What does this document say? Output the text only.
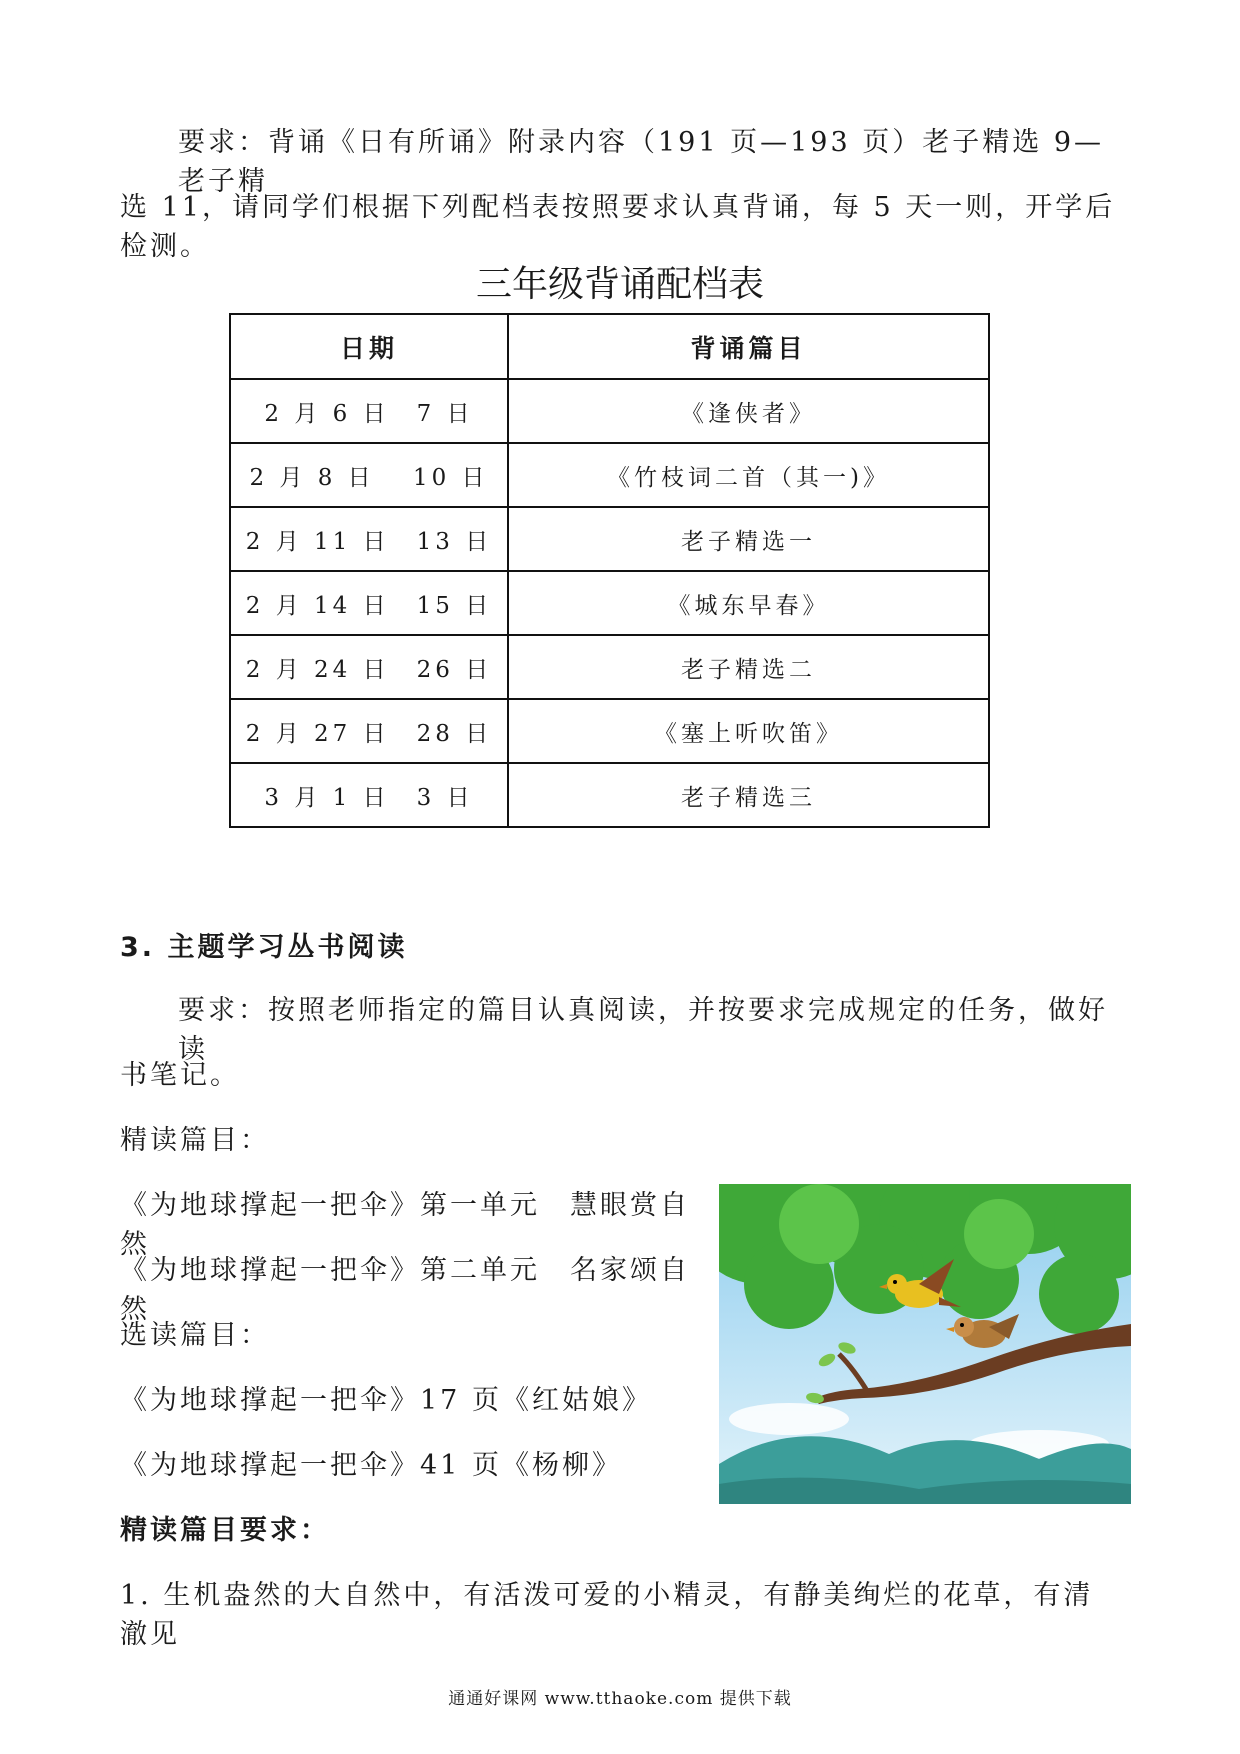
要求：背诵《日有所诵》附录内容（191 页—193 页）老子精选 9—老子精

选 11，请同学们根据下列配档表按照要求认真背诵，每 5 天一则，开学后检测。

三年级背诵配档表
日期	背诵篇目
2 月 6 日　7 日	《逢侠者》
2 月 8 日　 10 日	《竹枝词二首（其一)》
2 月 11 日　13 日	老子精选一
2 月 14 日　15 日	《城东早春》
2 月 24 日　26 日	老子精选二
2 月 27 日　28 日	《塞上听吹笛》
3 月 1 日　3 日	老子精选三

3. 主题学习丛书阅读

要求：按照老师指定的篇目认真阅读，并按要求完成规定的任务，做好读

书笔记。

精读篇目：

《为地球撑起一把伞》第一单元　慧眼赏自然

《为地球撑起一把伞》第二单元　名家颂自然

选读篇目：

《为地球撑起一把伞》17 页《红姑娘》

《为地球撑起一把伞》41 页《杨柳》

精读篇目要求：

1. 生机盎然的大自然中，有活泼可爱的小精灵，有静美绚烂的花草，有清澈见

通通好课网 www.tthaoke.com 提供下载
